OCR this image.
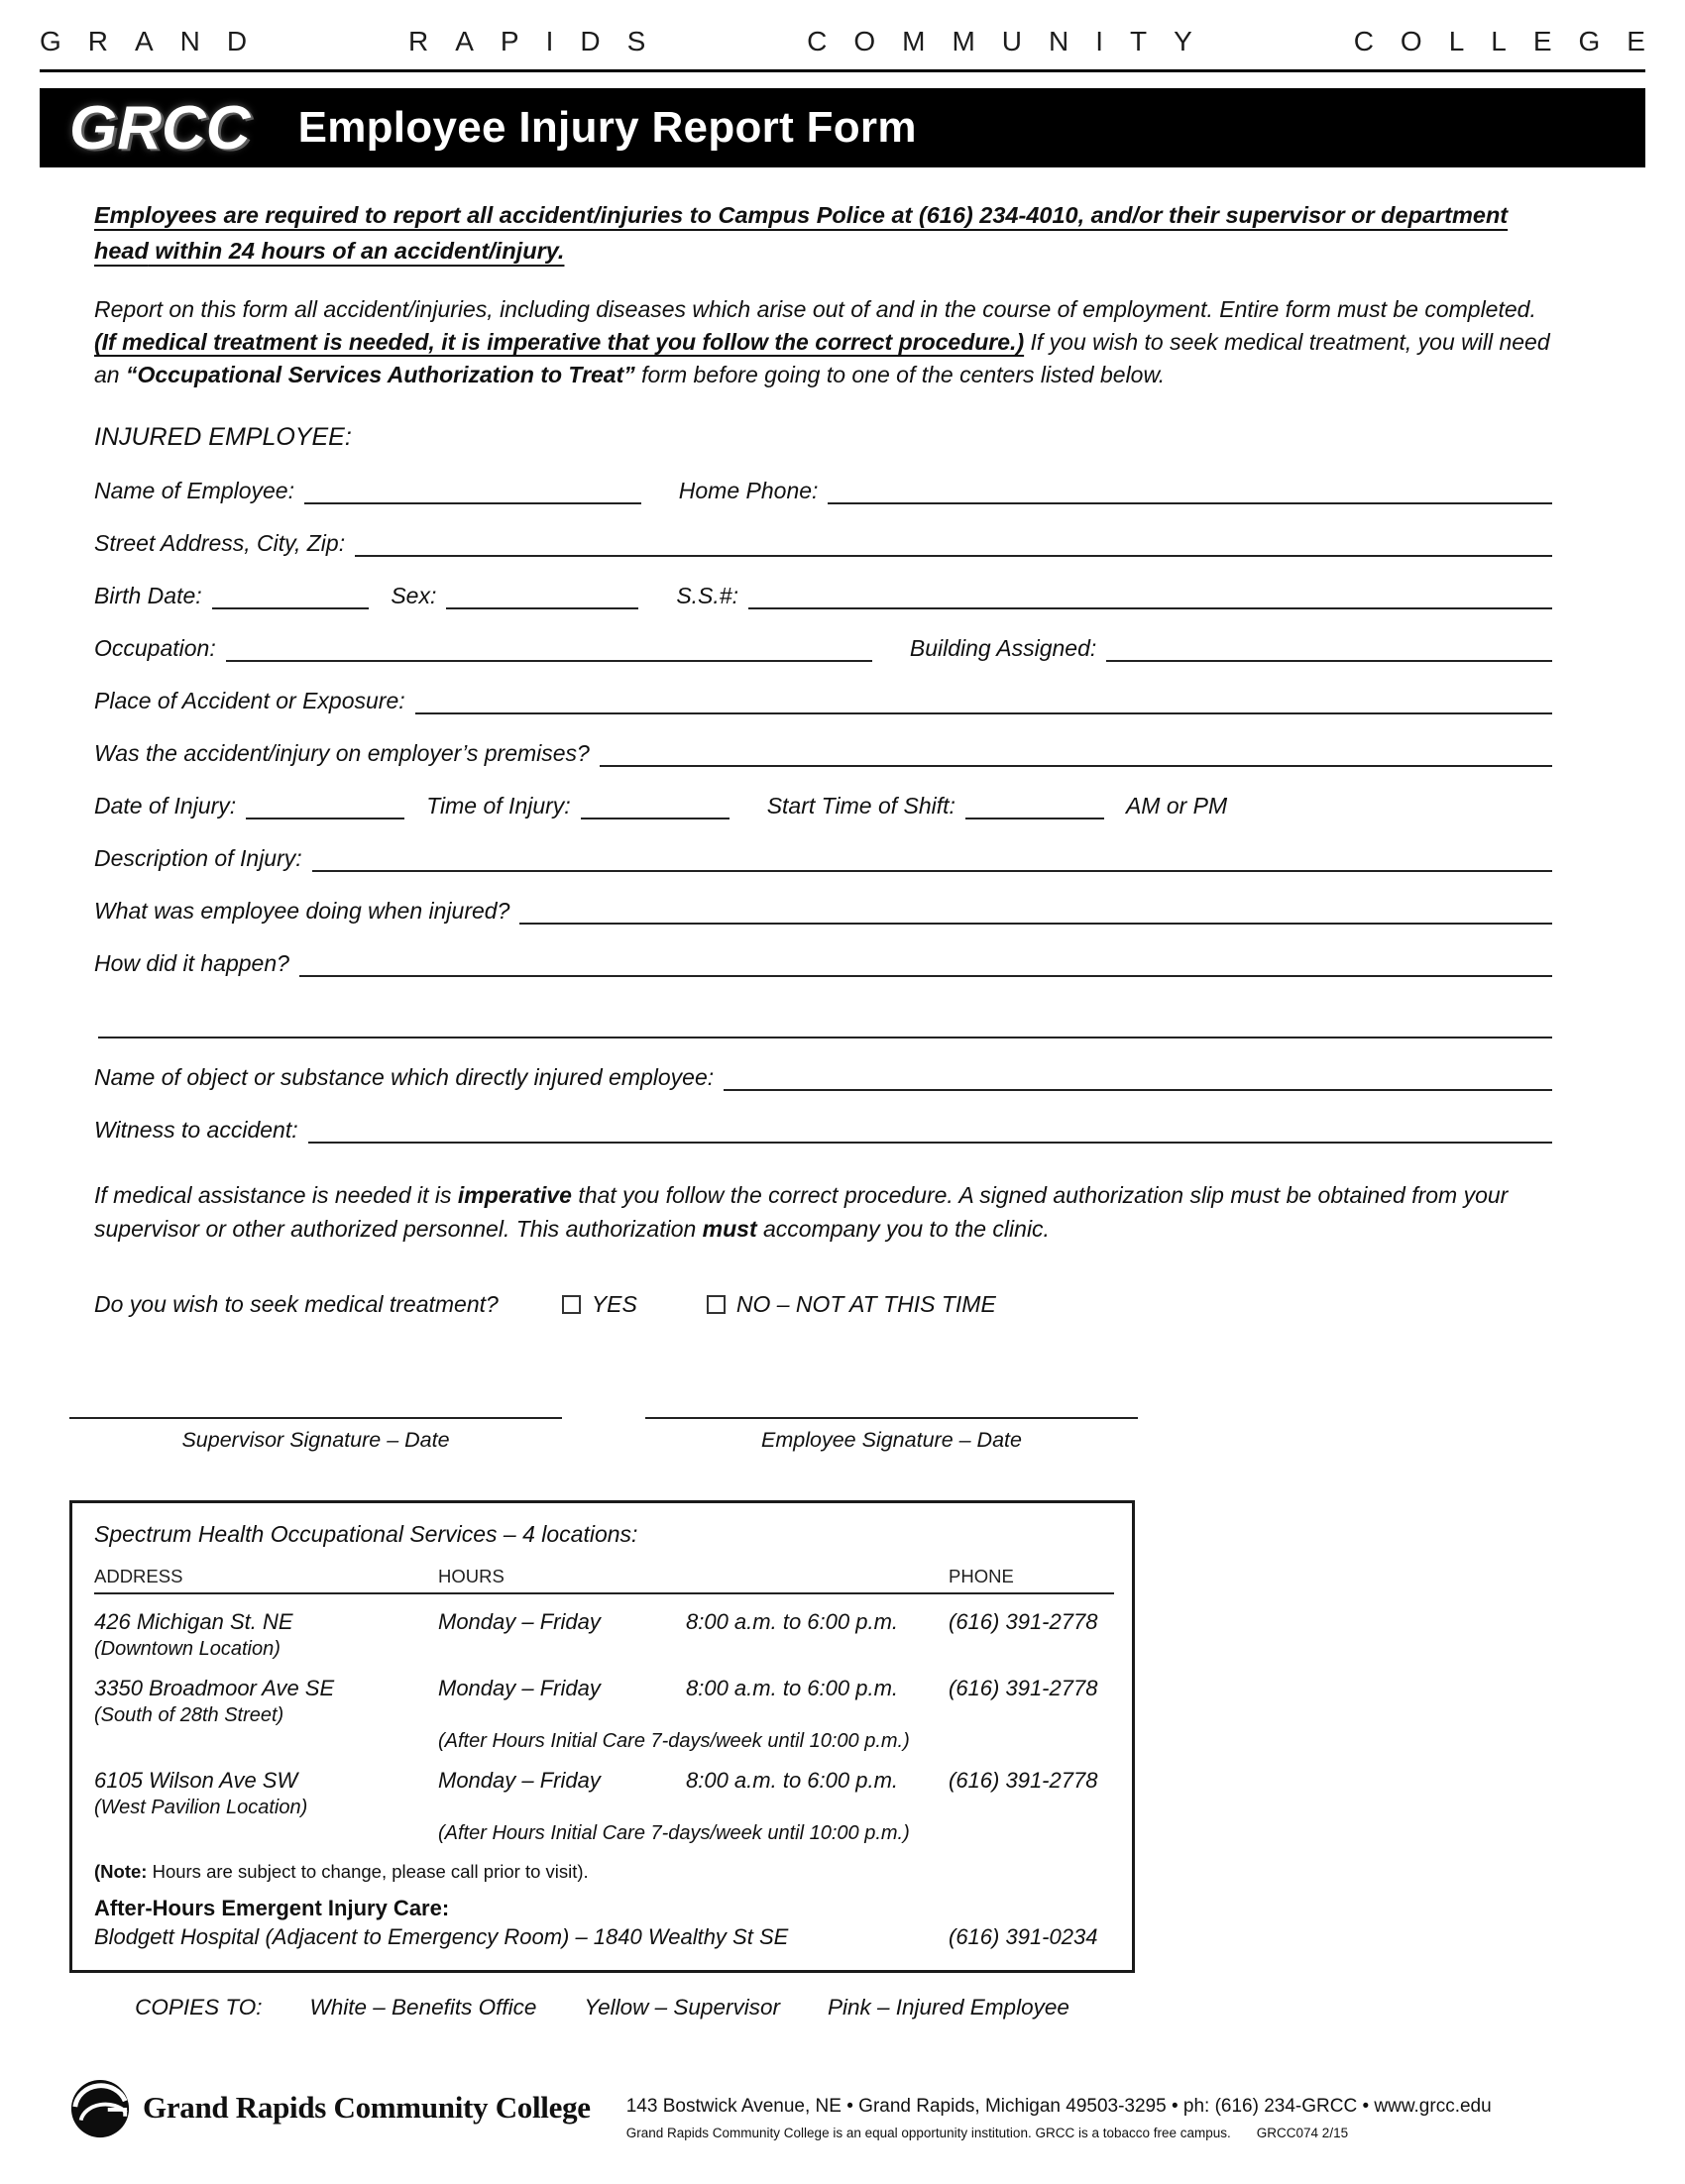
GRAND	RAPIDS	COMMUNITY	COLLEGE
GRCC Employee Injury Report Form

Employees are required to report all accident/injuries to Campus Police at (616) 234-4010, and/or their supervisor or department head within 24 hours of an accident/injury.

Report on this form all accident/injuries, including diseases which arise out of and in the course of employment. Entire form must be completed. (If medical treatment is needed, it is imperative that you follow the correct procedure.) If you wish to seek medical treatment, you will need an “Occupational Services Authorization to Treat” form before going to one of the centers listed below.

INJURED EMPLOYEE:
Name of Employee:	Home Phone:
Street Address, City, Zip:
Birth Date:	Sex:	S.S.#:
Occupation:	Building Assigned:
Place of Accident or Exposure:
Was the accident/injury on employer’s premises?
Date of Injury:	Time of Injury:	Start Time of Shift:	AM or PM
Description of Injury:
What was employee doing when injured?
How did it happen?
Name of object or substance which directly injured employee:
Witness to accident:

If medical assistance is needed it is imperative that you follow the correct procedure. A signed authorization slip must be obtained from your supervisor or other authorized personnel. This authorization must accompany you to the clinic.

Do you wish to seek medical treatment?	YES	NO – NOT AT THIS TIME
Supervisor Signature – Date	Employee Signature – Date
Spectrum Health Occupational Services – 4 locations:
ADDRESS	HOURS	PHONE
426 Michigan St. NE
(Downtown Location)
Monday – Friday	8:00 a.m. to 6:00 p.m.	(616) 391-2778
3350 Broadmoor Ave SE
(South of 28th Street)
Monday – Friday	8:00 a.m. to 6:00 p.m.	(616) 391-2778
(After Hours Initial Care 7-days/week until 10:00 p.m.)
6105 Wilson Ave SW
(West Pavilion Location)
Monday – Friday	8:00 a.m. to 6:00 p.m.	(616) 391-2778
(After Hours Initial Care 7-days/week until 10:00 p.m.)
(Note: Hours are subject to change, please call prior to visit).
After-Hours Emergent Injury Care:
Blodgett Hospital (Adjacent to Emergency Room) – 1840 Wealthy St SE	(616) 391-0234
COPIES TO: White – Benefits Office Yellow – Supervisor Pink – Injured Employee
Grand Rapids Community College 143 Bostwick Avenue, NE • Grand Rapids, Michigan 49503-3295 • ph: (616) 234-GRCC • www.grcc.edu
Grand Rapids Community College is an equal opportunity institution. GRCC is a tobacco free campus. GRCC074 2/15
